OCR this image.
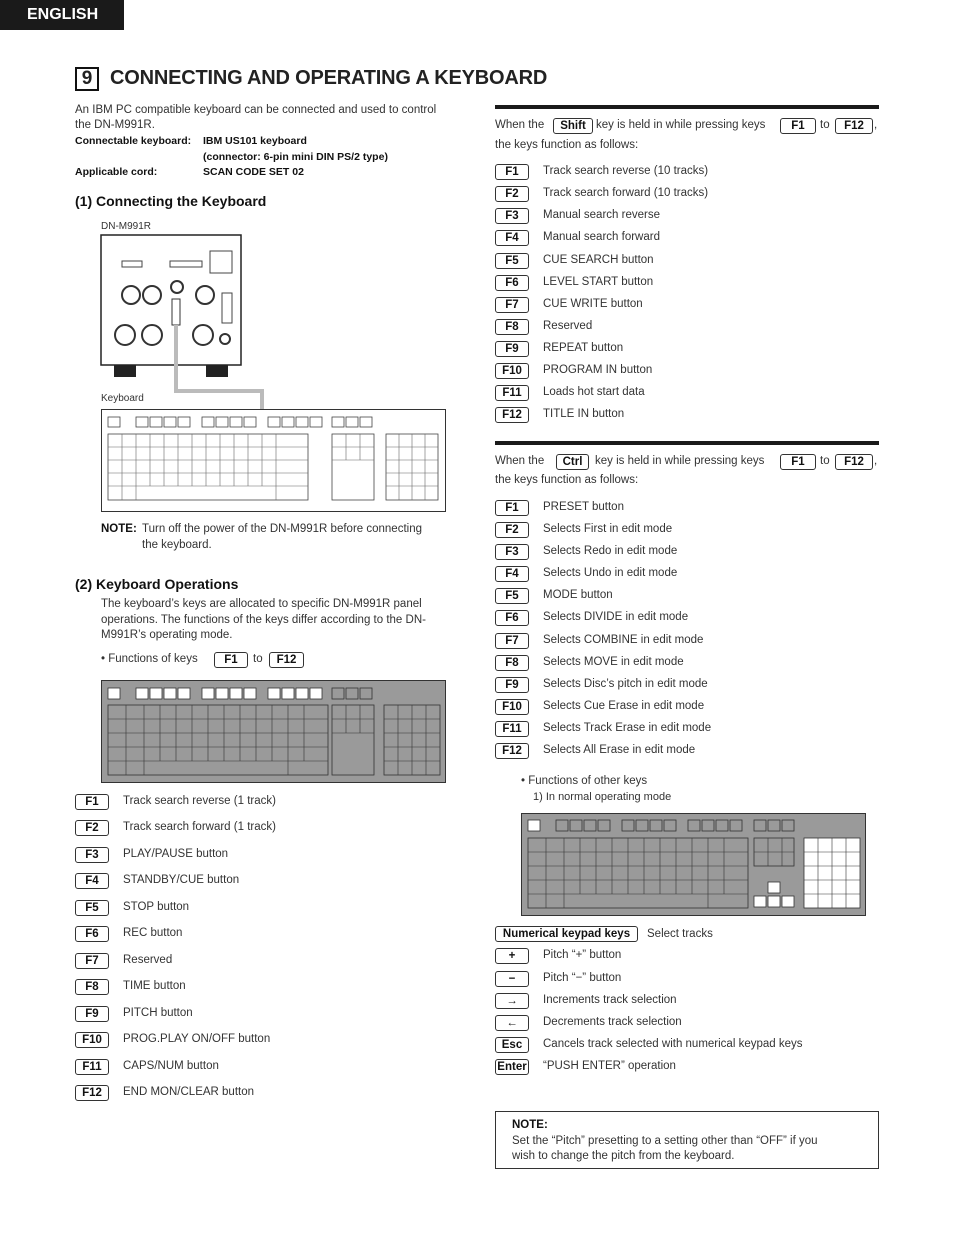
ENGLISH
9 CONNECTING AND OPERATING A KEYBOARD
An IBM PC compatible keyboard can be connected and used to control
the DN-M991R.
Connectable keyboard: IBM US101 keyboard
(connector: 6-pin mini DIN PS/2 type)
Applicable cord:	SCAN CODE SET 02
(1) Connecting the Keyboard
DN-M991R
Keyboard
NOTE: Turn off the power of the DN-M991R before connecting
the keyboard.
(2) Keyboard Operations
The keyboard’s keys are allocated to specific DN-M991R panel
operations. The functions of the keys differ according to the DN-
M991R’s operating mode.
• Functions of keys	F1	to	F12
F1	Track search reverse (1 track)
F2	Track search forward (1 track)
F3	PLAY/PAUSE button
F4	STANDBY/CUE button
F5	STOP button
F6	REC button
F7	Reserved
F8	TIME button
F9	PITCH button
F10	PROG.PLAY ON/OFF button
F11	CAPS/NUM button
F12	END MON/CLEAR button
When the	Shift key is held in while pressing keys	F1	to	F12 ,
the keys function as follows:
F1	Track search reverse (10 tracks)
F2	Track search forward (10 tracks)
F3	Manual search reverse
F4	Manual search forward
F5	CUE SEARCH button
F6	LEVEL START button
F7	CUE WRITE button
F8	Reserved
F9	REPEAT button
F10	PROGRAM IN button
F11	Loads hot start data
F12	TITLE IN button
When the	Ctrl	key is held in while pressing keys	F1	to	F12 ,
the keys function as follows:
F1	PRESET button
F2	Selects First in edit mode
F3	Selects Redo in edit mode
F4	Selects Undo in edit mode
F5	MODE button
F6	Selects DIVIDE in edit mode
F7	Selects COMBINE in edit mode
F8	Selects MOVE in edit mode
F9	Selects Disc’s pitch in edit mode
F10	Selects Cue Erase in edit mode
F11	Selects Track Erase in edit mode
F12	Selects All Erase in edit mode
• Functions of other keys
1) In normal operating mode
Numerical keypad keys	Select tracks
+	Pitch “+” button
−	Pitch “−” button
→	Increments track selection
←	Decrements track selection
Esc	Cancels track selected with numerical keypad keys
Enter “PUSH ENTER” operation
NOTE:
Set the “Pitch” presetting to a setting other than “OFF” if you
wish to change the pitch from the keyboard.
